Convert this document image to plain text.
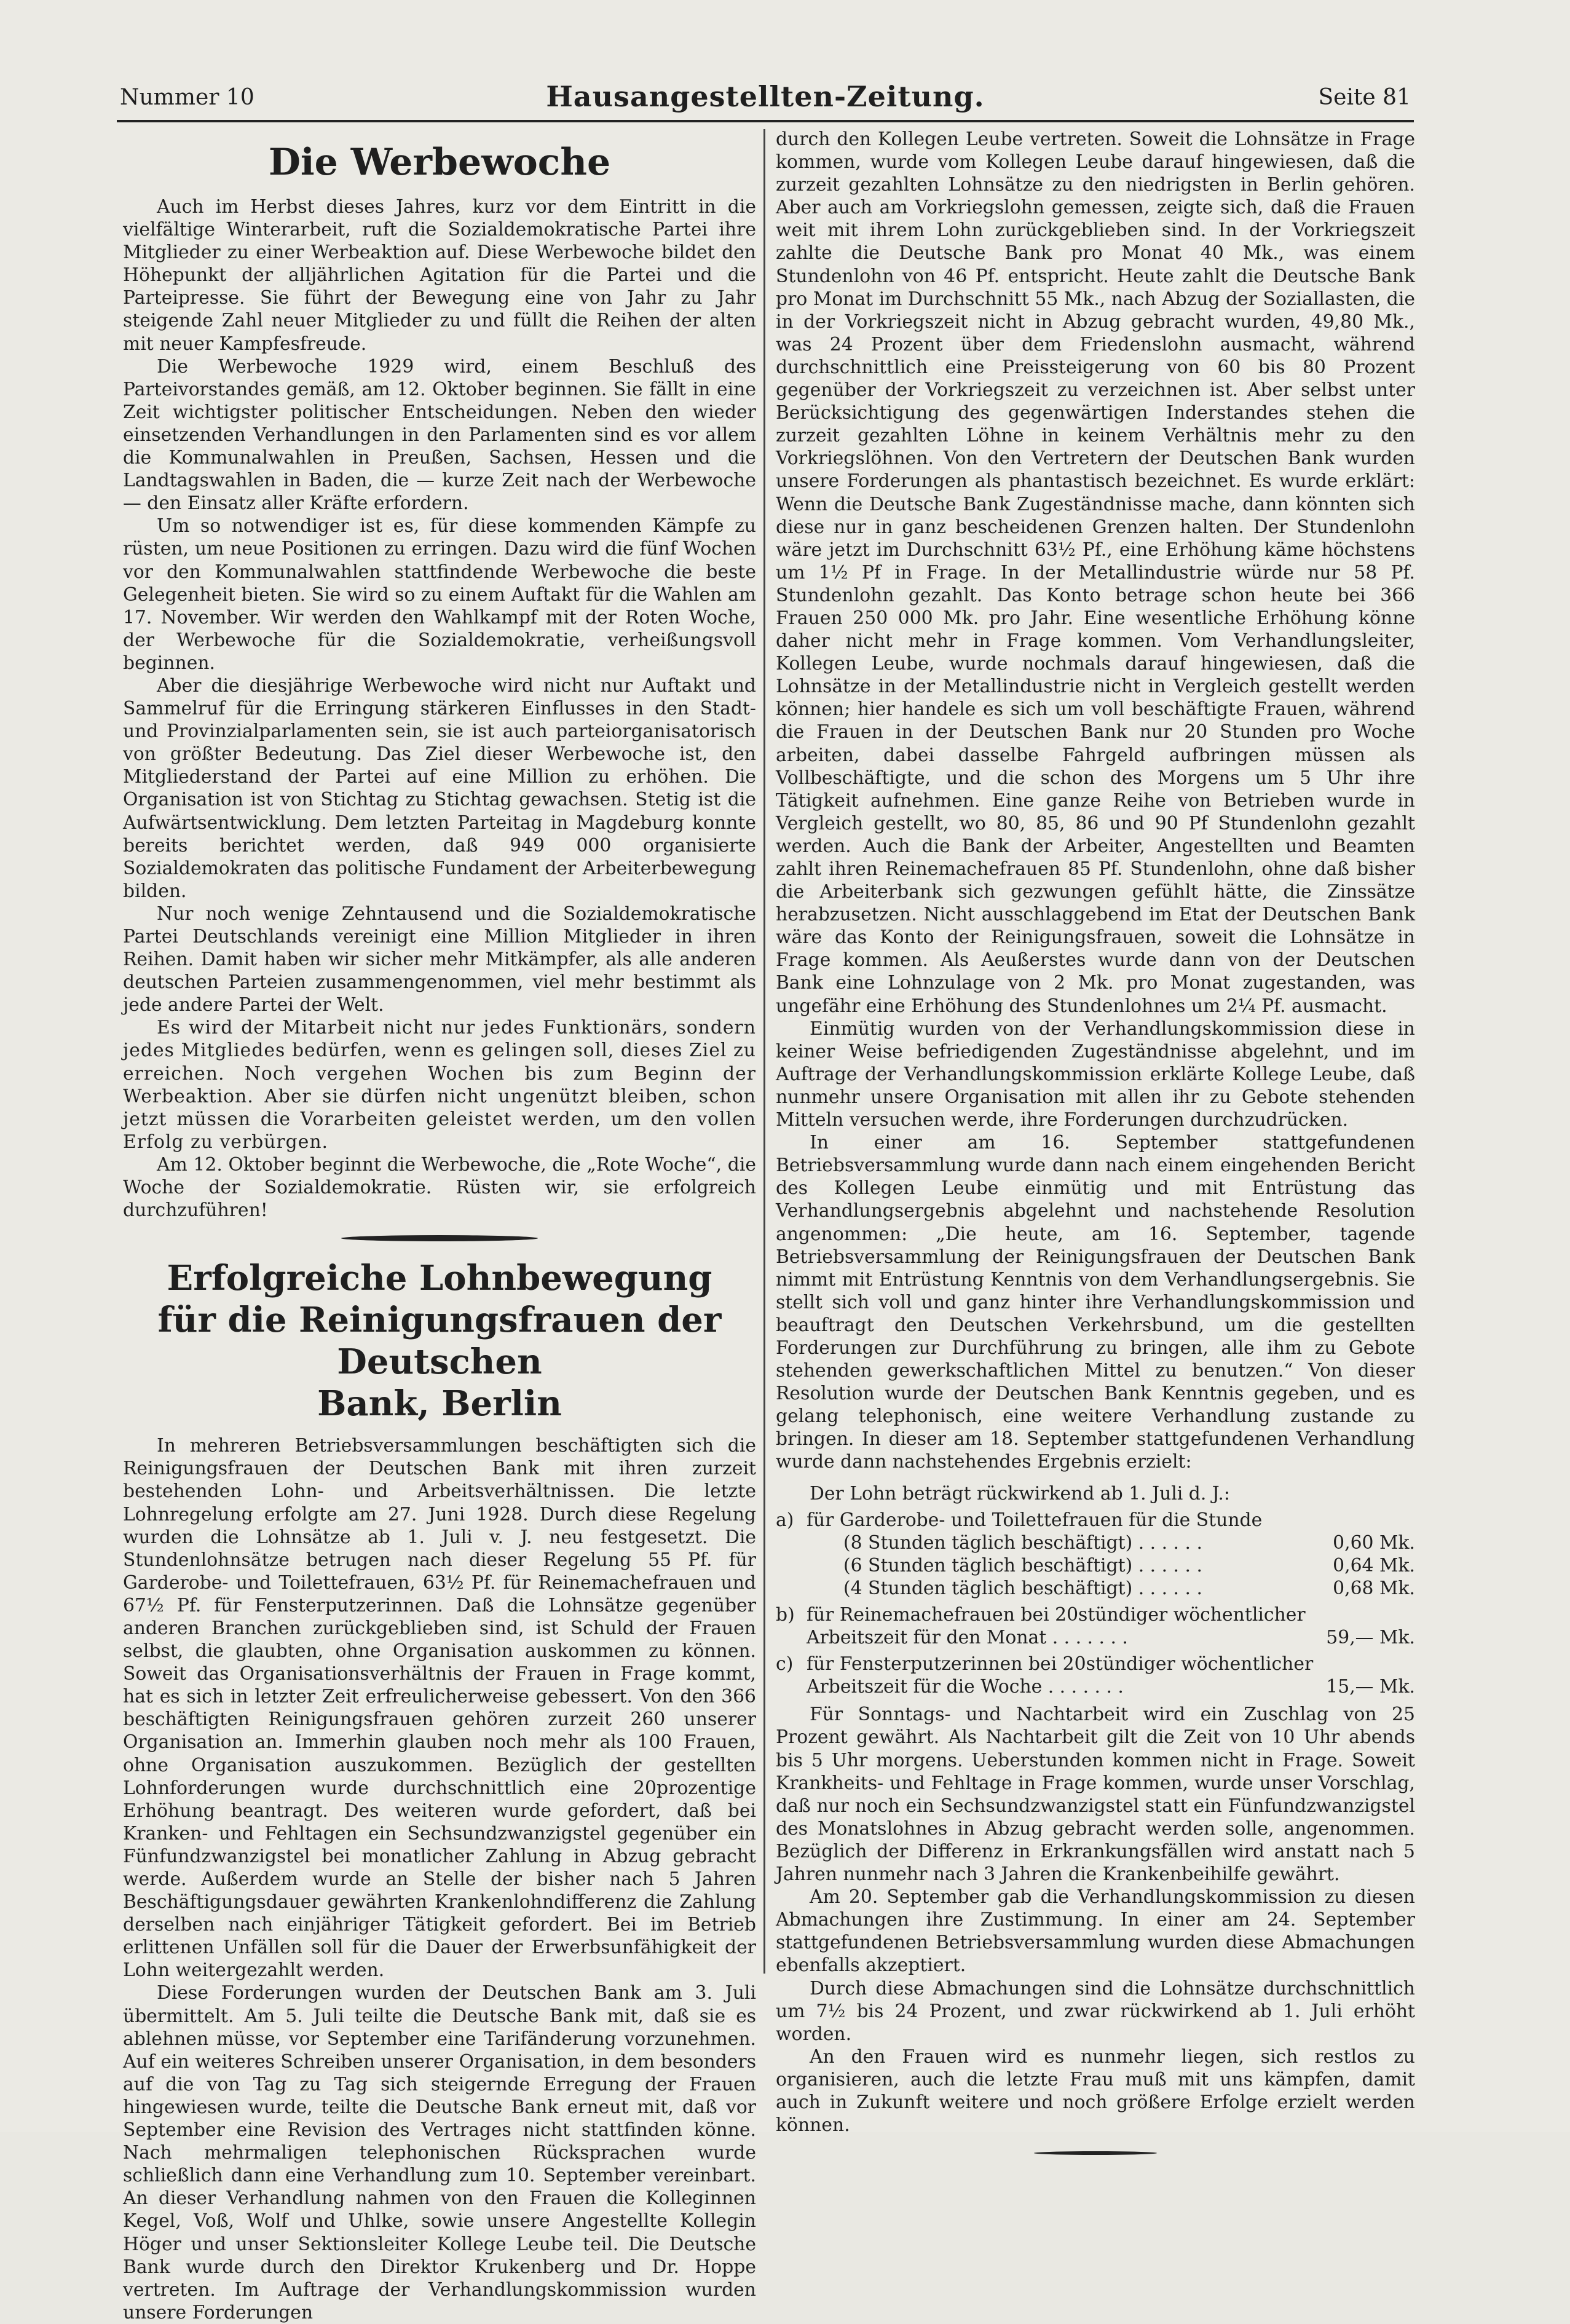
Nummer 10	Hausangestellten-Zeitung.	Seite 81
Die Werbewoche

Auch im Herbst dieses Jahres, kurz vor dem Eintritt in die vielfältige Winterarbeit, ruft die Sozialdemokratische Partei ihre Mitglieder zu einer Werbeaktion auf. Diese Werbewoche bildet den Höhepunkt der alljährlichen Agitation für die Partei und die Parteipresse. Sie führt der Bewegung eine von Jahr zu Jahr steigende Zahl neuer Mitglieder zu und füllt die Reihen der alten mit neuer Kampfesfreude.

Die Werbewoche 1929 wird, einem Beschluß des Parteivorstandes gemäß, am 12. Oktober beginnen. Sie fällt in eine Zeit wichtigster politischer Entscheidungen. Neben den wieder einsetzenden Verhandlungen in den Parlamenten sind es vor allem die Kommunalwahlen in Preußen, Sachsen, Hessen und die Landtagswahlen in Baden, die — kurze Zeit nach der Werbewoche — den Einsatz aller Kräfte erfordern.

Um so notwendiger ist es, für diese kommenden Kämpfe zu rüsten, um neue Positionen zu erringen. Dazu wird die fünf Wochen vor den Kommunalwahlen stattfindende Werbewoche die beste Gelegenheit bieten. Sie wird so zu einem Auftakt für die Wahlen am 17. November. Wir werden den Wahlkampf mit der Roten Woche, der Werbewoche für die Sozialdemokratie, verheißungsvoll beginnen.

Aber die diesjährige Werbewoche wird nicht nur Auftakt und Sammelruf für die Erringung stärkeren Einflusses in den Stadt- und Provinzialparlamenten sein, sie ist auch parteiorganisatorisch von größter Bedeutung. Das Ziel dieser Werbewoche ist, den Mitgliederstand der Partei auf eine Million zu erhöhen. Die Organisation ist von Stichtag zu Stichtag gewachsen. Stetig ist die Aufwärtsentwicklung. Dem letzten Parteitag in Magdeburg konnte bereits berichtet werden, daß 949 000 organisierte Sozialdemokraten das politische Fundament der Arbeiterbewegung bilden.

Nur noch wenige Zehntausend und die Sozialdemokratische Partei Deutschlands vereinigt eine Million Mitglieder in ihren Reihen. Damit haben wir sicher mehr Mitkämpfer, als alle anderen deutschen Parteien zusammengenommen, viel mehr bestimmt als jede andere Partei der Welt.

Es wird der Mitarbeit nicht nur jedes Funktionärs, sondern jedes Mitgliedes bedürfen, wenn es gelingen soll, dieses Ziel zu erreichen. Noch vergehen Wochen bis zum Beginn der Werbeaktion. Aber sie dürfen nicht ungenützt bleiben, schon jetzt müssen die Vorarbeiten geleistet werden, um den vollen Erfolg zu verbürgen.

Am 12. Oktober beginnt die Werbewoche, die „Rote Woche“, die Woche der Sozialdemokratie. Rüsten wir, sie erfolgreich durchzuführen!

Erfolgreiche Lohnbewegung
für die Reinigungsfrauen der Deutschen
Bank, Berlin

In mehreren Betriebsversammlungen beschäftigten sich die Reinigungsfrauen der Deutschen Bank mit ihren zurzeit bestehenden Lohn- und Arbeitsverhältnissen. Die letzte Lohnregelung erfolgte am 27. Juni 1928. Durch diese Regelung wurden die Lohnsätze ab 1. Juli v. J. neu festgesetzt. Die Stundenlohnsätze betrugen nach dieser Regelung 55 Pf. für Garderobe- und Toilettefrauen, 63½ Pf. für Reinemachefrauen und 67½ Pf. für Fensterputzerinnen. Daß die Lohnsätze gegenüber anderen Branchen zurückgeblieben sind, ist Schuld der Frauen selbst, die glaubten, ohne Organisation auskommen zu können. Soweit das Organisationsverhältnis der Frauen in Frage kommt, hat es sich in letzter Zeit erfreulicherweise gebessert. Von den 366 beschäftigten Reinigungsfrauen gehören zurzeit 260 unserer Organisation an. Immerhin glauben noch mehr als 100 Frauen, ohne Organisation auszukommen. Bezüglich der gestellten Lohnforderungen wurde durchschnittlich eine 20prozentige Erhöhung beantragt. Des weiteren wurde gefordert, daß bei Kranken- und Fehltagen ein Sechsundzwanzigstel gegenüber ein Fünfundzwanzigstel bei monatlicher Zahlung in Abzug gebracht werde. Außerdem wurde an Stelle der bisher nach 5 Jahren Beschäftigungsdauer gewährten Krankenlohndifferenz die Zahlung derselben nach einjähriger Tätigkeit gefordert. Bei im Betrieb erlittenen Unfällen soll für die Dauer der Erwerbsunfähigkeit der Lohn weitergezahlt werden.

Diese Forderungen wurden der Deutschen Bank am 3. Juli übermittelt. Am 5. Juli teilte die Deutsche Bank mit, daß sie es ablehnen müsse, vor September eine Tarifänderung vorzunehmen. Auf ein weiteres Schreiben unserer Organisation, in dem besonders auf die von Tag zu Tag sich steigernde Erregung der Frauen hingewiesen wurde, teilte die Deutsche Bank erneut mit, daß vor September eine Revision des Vertrages nicht stattfinden könne. Nach mehrmaligen telephonischen Rücksprachen wurde schließlich dann eine Verhandlung zum 10. September vereinbart. An dieser Verhandlung nahmen von den Frauen die Kolleginnen Kegel, Voß, Wolf und Uhlke, sowie unsere Angestellte Kollegin Höger und unser Sektionsleiter Kollege Leube teil. Die Deutsche Bank wurde durch den Direktor Krukenberg und Dr. Hoppe vertreten. Im Auftrage der Verhandlungskommission wurden unsere Forderungen

durch den Kollegen Leube vertreten. Soweit die Lohnsätze in Frage kommen, wurde vom Kollegen Leube darauf hingewiesen, daß die zurzeit gezahlten Lohnsätze zu den niedrigsten in Berlin gehören. Aber auch am Vorkriegslohn gemessen, zeigte sich, daß die Frauen weit mit ihrem Lohn zurückgeblieben sind. In der Vorkriegszeit zahlte die Deutsche Bank pro Monat 40 Mk., was einem Stundenlohn von 46 Pf. entspricht. Heute zahlt die Deutsche Bank pro Monat im Durchschnitt 55 Mk., nach Abzug der Soziallasten, die in der Vorkriegszeit nicht in Abzug gebracht wurden, 49,80 Mk., was 24 Prozent über dem Friedenslohn ausmacht, während durchschnittlich eine Preissteigerung von 60 bis 80 Prozent gegenüber der Vorkriegszeit zu verzeichnen ist. Aber selbst unter Berücksichtigung des gegenwärtigen Inderstandes stehen die zurzeit gezahlten Löhne in keinem Verhältnis mehr zu den Vorkriegslöhnen. Von den Vertretern der Deutschen Bank wurden unsere Forderungen als phantastisch bezeichnet. Es wurde erklärt: Wenn die Deutsche Bank Zugeständnisse mache, dann könnten sich diese nur in ganz bescheidenen Grenzen halten. Der Stundenlohn wäre jetzt im Durchschnitt 63½ Pf., eine Erhöhung käme höchstens um 1½ Pf in Frage. In der Metallindustrie würde nur 58 Pf. Stundenlohn gezahlt. Das Konto betrage schon heute bei 366 Frauen 250 000 Mk. pro Jahr. Eine wesentliche Erhöhung könne daher nicht mehr in Frage kommen. Vom Verhandlungsleiter, Kollegen Leube, wurde nochmals darauf hingewiesen, daß die Lohnsätze in der Metallindustrie nicht in Vergleich gestellt werden können; hier handele es sich um voll beschäftigte Frauen, während die Frauen in der Deutschen Bank nur 20 Stunden pro Woche arbeiten, dabei dasselbe Fahrgeld aufbringen müssen als Vollbeschäftigte, und die schon des Morgens um 5 Uhr ihre Tätigkeit aufnehmen. Eine ganze Reihe von Betrieben wurde in Vergleich gestellt, wo 80, 85, 86 und 90 Pf Stundenlohn gezahlt werden. Auch die Bank der Arbeiter, Angestellten und Beamten zahlt ihren Reinemachefrauen 85 Pf. Stundenlohn, ohne daß bisher die Arbeiterbank sich gezwungen gefühlt hätte, die Zinssätze herabzusetzen. Nicht ausschlaggebend im Etat der Deutschen Bank wäre das Konto der Reinigungsfrauen, soweit die Lohnsätze in Frage kommen. Als Aeußerstes wurde dann von der Deutschen Bank eine Lohnzulage von 2 Mk. pro Monat zugestanden, was ungefähr eine Erhöhung des Stundenlohnes um 2¼ Pf. ausmacht.

Einmütig wurden von der Verhandlungskommission diese in keiner Weise befriedigenden Zugeständnisse abgelehnt, und im Auftrage der Verhandlungskommission erklärte Kollege Leube, daß nunmehr unsere Organisation mit allen ihr zu Gebote stehenden Mitteln versuchen werde, ihre Forderungen durchzudrücken.

In einer am 16. September stattgefundenen Betriebsversammlung wurde dann nach einem eingehenden Bericht des Kollegen Leube einmütig und mit Entrüstung das Verhandlungsergebnis abgelehnt und nachstehende Resolution angenommen: „Die heute, am 16. September, tagende Betriebsversammlung der Reinigungsfrauen der Deutschen Bank nimmt mit Entrüstung Kenntnis von dem Verhandlungsergebnis. Sie stellt sich voll und ganz hinter ihre Verhandlungskommission und beauftragt den Deutschen Verkehrsbund, um die gestellten Forderungen zur Durchführung zu bringen, alle ihm zu Gebote stehenden gewerkschaftlichen Mittel zu benutzen.“ Von dieser Resolution wurde der Deutschen Bank Kenntnis gegeben, und es gelang telephonisch, eine weitere Verhandlung zustande zu bringen. In dieser am 18. September stattgefundenen Verhandlung wurde dann nachstehendes Ergebnis erzielt:

Der Lohn beträgt rückwirkend ab 1. Juli d. J.:

a) für Garderobe- und Toilettefrauen für die Stunde
(8 Stunden täglich beschäftigt) . . . . . .	0,60 Mk.
(6 Stunden täglich beschäftigt) . . . . . .	0,64 Mk.
(4 Stunden täglich beschäftigt) . . . . . .	0,68 Mk.
b) für Reinemachefrauen bei 20stündiger wöchentlicher
Arbeitszeit für den Monat . . . . . . .	59,— Mk.
c) für Fensterputzerinnen bei 20stündiger wöchentlicher
Arbeitszeit für die Woche . . . . . . .	15,— Mk.

Für Sonntags- und Nachtarbeit wird ein Zuschlag von 25 Prozent gewährt. Als Nachtarbeit gilt die Zeit von 10 Uhr abends bis 5 Uhr morgens. Ueberstunden kommen nicht in Frage. Soweit Krankheits- und Fehltage in Frage kommen, wurde unser Vorschlag, daß nur noch ein Sechsundzwanzigstel statt ein Fünfundzwanzigstel des Monatslohnes in Abzug gebracht werden solle, angenommen. Bezüglich der Differenz in Erkrankungsfällen wird anstatt nach 5 Jahren nunmehr nach 3 Jahren die Krankenbeihilfe gewährt.

Am 20. September gab die Verhandlungskommission zu diesen Abmachungen ihre Zustimmung. In einer am 24. September stattgefundenen Betriebsversammlung wurden diese Abmachungen ebenfalls akzeptiert.

Durch diese Abmachungen sind die Lohnsätze durchschnittlich um 7½ bis 24 Prozent, und zwar rückwirkend ab 1. Juli erhöht worden.

An den Frauen wird es nunmehr liegen, sich restlos zu organisieren, auch die letzte Frau muß mit uns kämpfen, damit auch in Zukunft weitere und noch größere Erfolge erzielt werden können.
